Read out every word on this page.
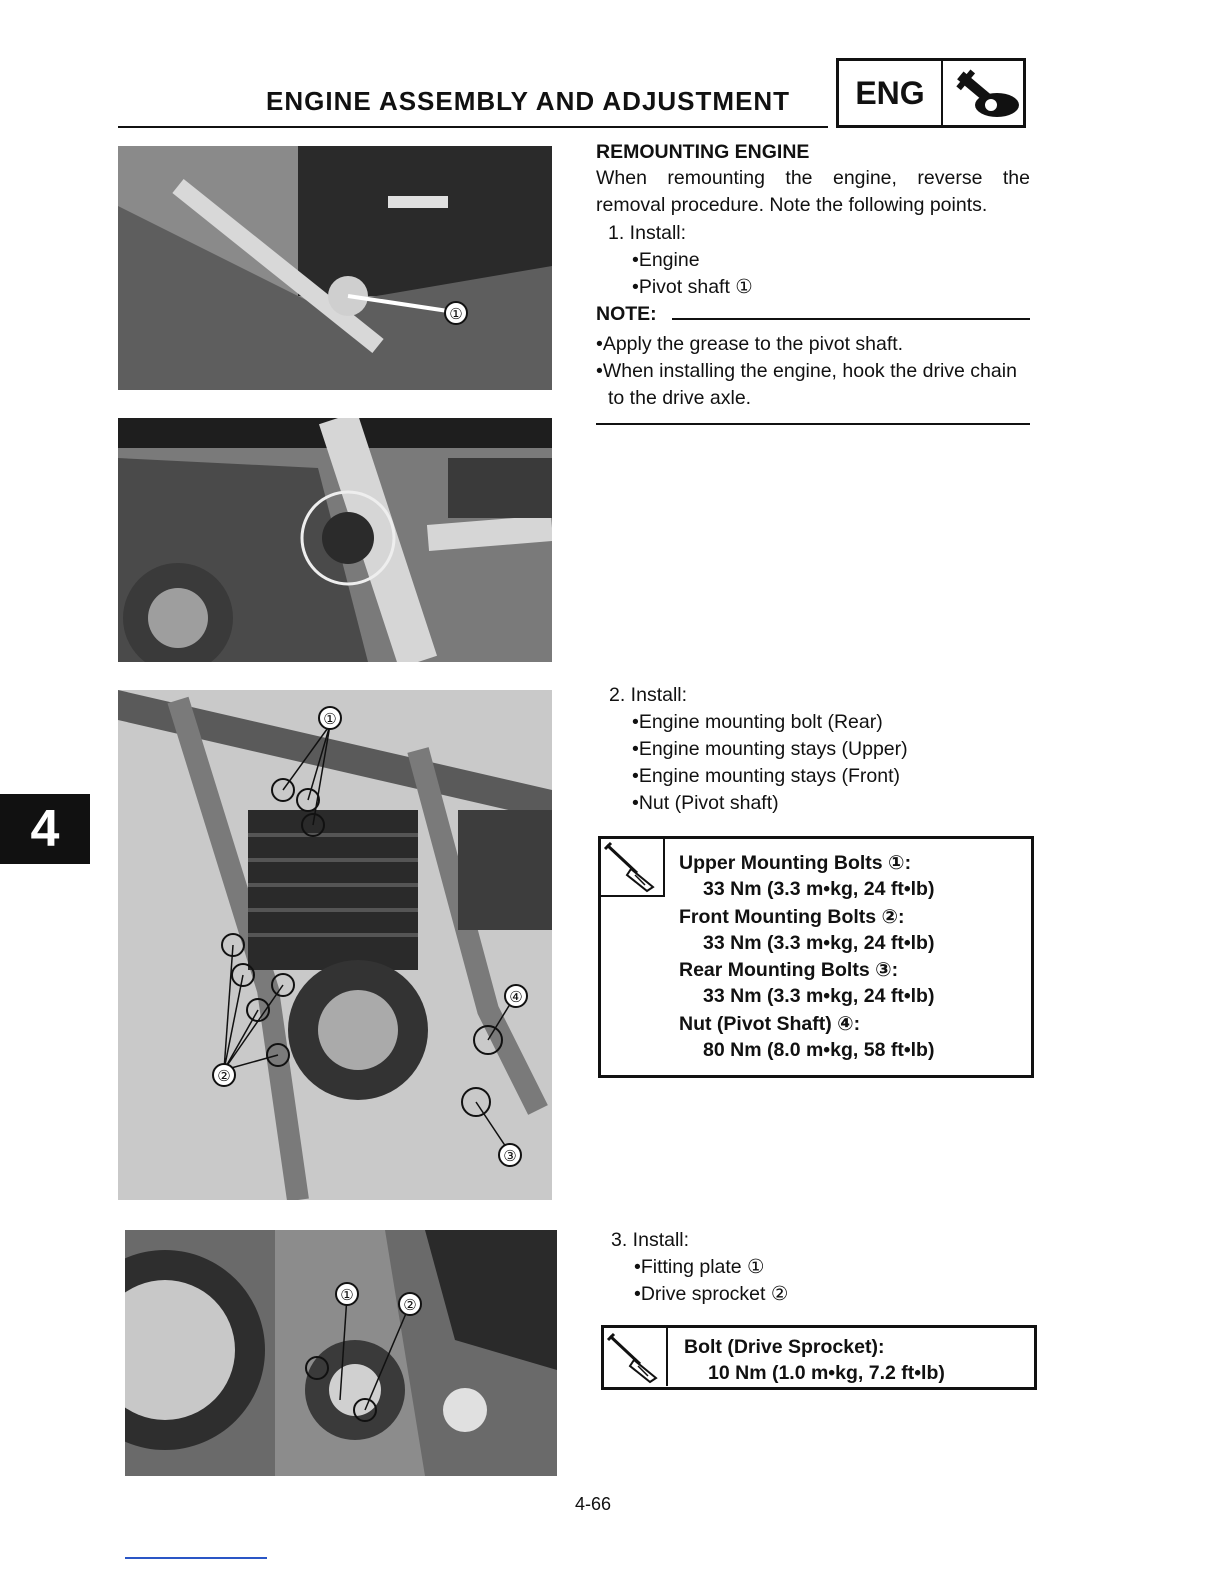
ENGINE ASSEMBLY AND ADJUSTMENT	ENG
4
①
①
②
③
④
①
②
REMOUNTING ENGINE
When remounting the engine, reverse the
removal procedure. Note the following points.
1. Install:
•Engine
•Pivot shaft ①
NOTE:
•Apply the grease to the pivot shaft.
•When installing the engine, hook the drive chain
to the drive axle.
2. Install:
•Engine mounting bolt (Rear)
•Engine mounting stays (Upper)
•Engine mounting stays (Front)
•Nut (Pivot shaft)
Upper Mounting Bolts ①:
33 Nm (3.3 m•kg, 24 ft•lb)
Front Mounting Bolts ②:
33 Nm (3.3 m•kg, 24 ft•lb)
Rear Mounting Bolts ③:
33 Nm (3.3 m•kg, 24 ft•lb)
Nut (Pivot Shaft) ④:
80 Nm (8.0 m•kg, 58 ft•lb)
3. Install:
•Fitting plate ①
•Drive sprocket ②
Bolt (Drive Sprocket):
10 Nm (1.0 m•kg, 7.2 ft•lb)
4-66
